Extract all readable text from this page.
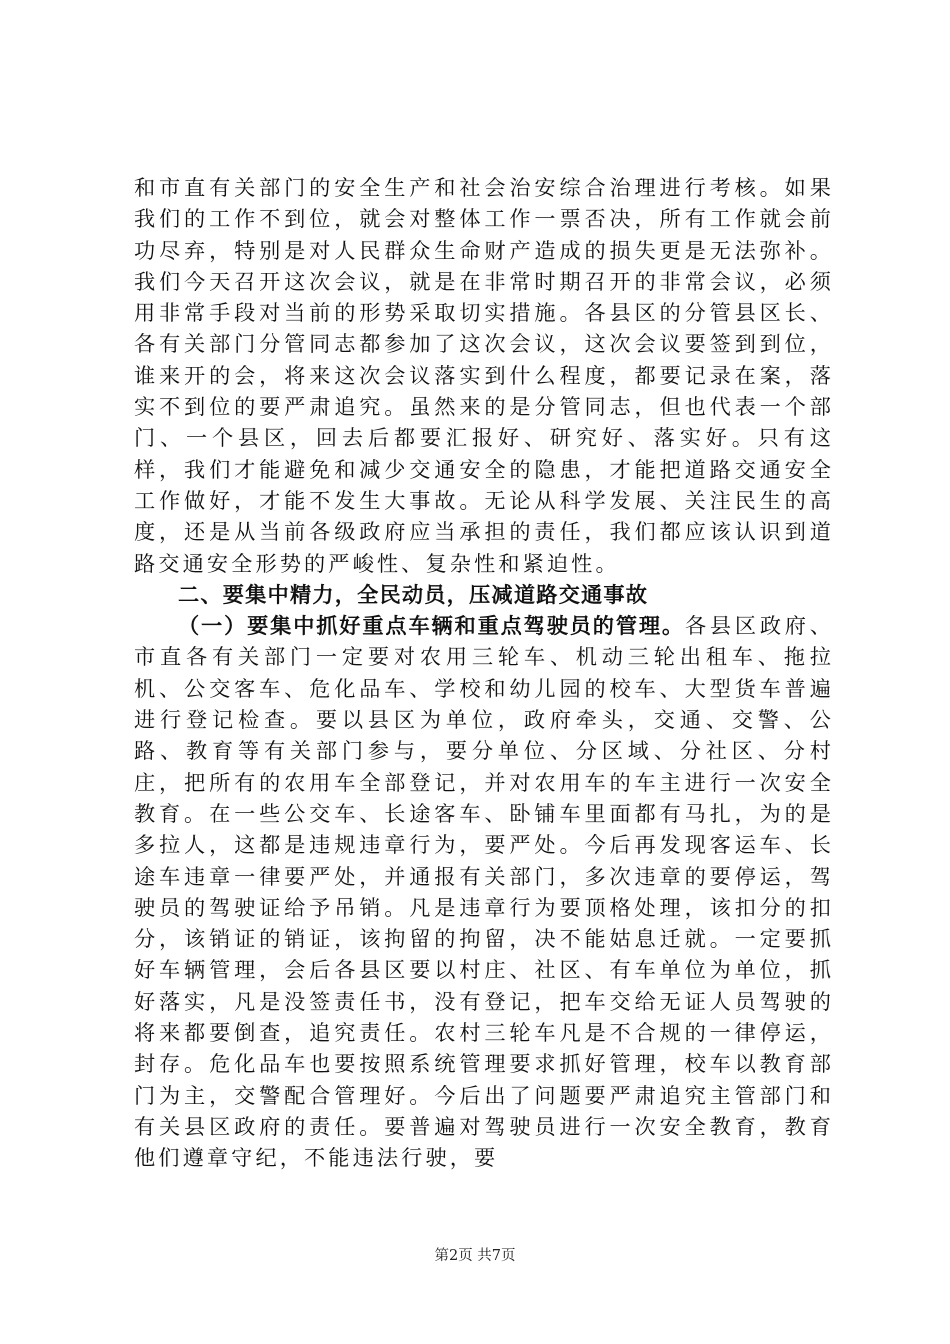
和市直有关部门的安全生产和社会治安综合治理进行考核。如果我们的工作不到位，就会对整体工作一票否决，所有工作就会前功尽弃，特别是对人民群众生命财产造成的损失更是无法弥补。我们今天召开这次会议，就是在非常时期召开的非常会议，必须用非常手段对当前的形势采取切实措施。各县区的分管县区长、各有关部门分管同志都参加了这次会议，这次会议要签到到位，谁来开的会，将来这次会议落实到什么程度，都要记录在案，落实不到位的要严肃追究。虽然来的是分管同志，但也代表一个部门、一个县区，回去后都要汇报好、研究好、落实好。只有这样，我们才能避免和减少交通安全的隐患，才能把道路交通安全工作做好，才能不发生大事故。无论从科学发展、关注民生的高度，还是从当前各级政府应当承担的责任，我们都应该认识到道路交通安全形势的严峻性、复杂性和紧迫性。

二、要集中精力，全民动员，压减道路交通事故

（一）要集中抓好重点车辆和重点驾驶员的管理。各县区政府、市直各有关部门一定要对农用三轮车、机动三轮出租车、拖拉机、公交客车、危化品车、学校和幼儿园的校车、大型货车普遍进行登记检查。要以县区为单位，政府牵头，交通、交警、公路、教育等有关部门参与，要分单位、分区域、分社区、分村庄，把所有的农用车全部登记，并对农用车的车主进行一次安全教育。在一些公交车、长途客车、卧铺车里面都有马扎，为的是多拉人，这都是违规违章行为，要严处。今后再发现客运车、长途车违章一律要严处，并通报有关部门，多次违章的要停运，驾驶员的驾驶证给予吊销。凡是违章行为要顶格处理，该扣分的扣分，该销证的销证，该拘留的拘留，决不能姑息迁就。一定要抓好车辆管理，会后各县区要以村庄、社区、有车单位为单位，抓好落实，凡是没签责任书，没有登记，把车交给无证人员驾驶的将来都要倒查，追究责任。农村三轮车凡是不合规的一律停运，封存。危化品车也要按照系统管理要求抓好管理，校车以教育部门为主，交警配合管理好。今后出了问题要严肃追究主管部门和有关县区政府的责任。要普遍对驾驶员进行一次安全教育，教育他们遵章守纪，不能违法行驶，要

第2页 共7页
